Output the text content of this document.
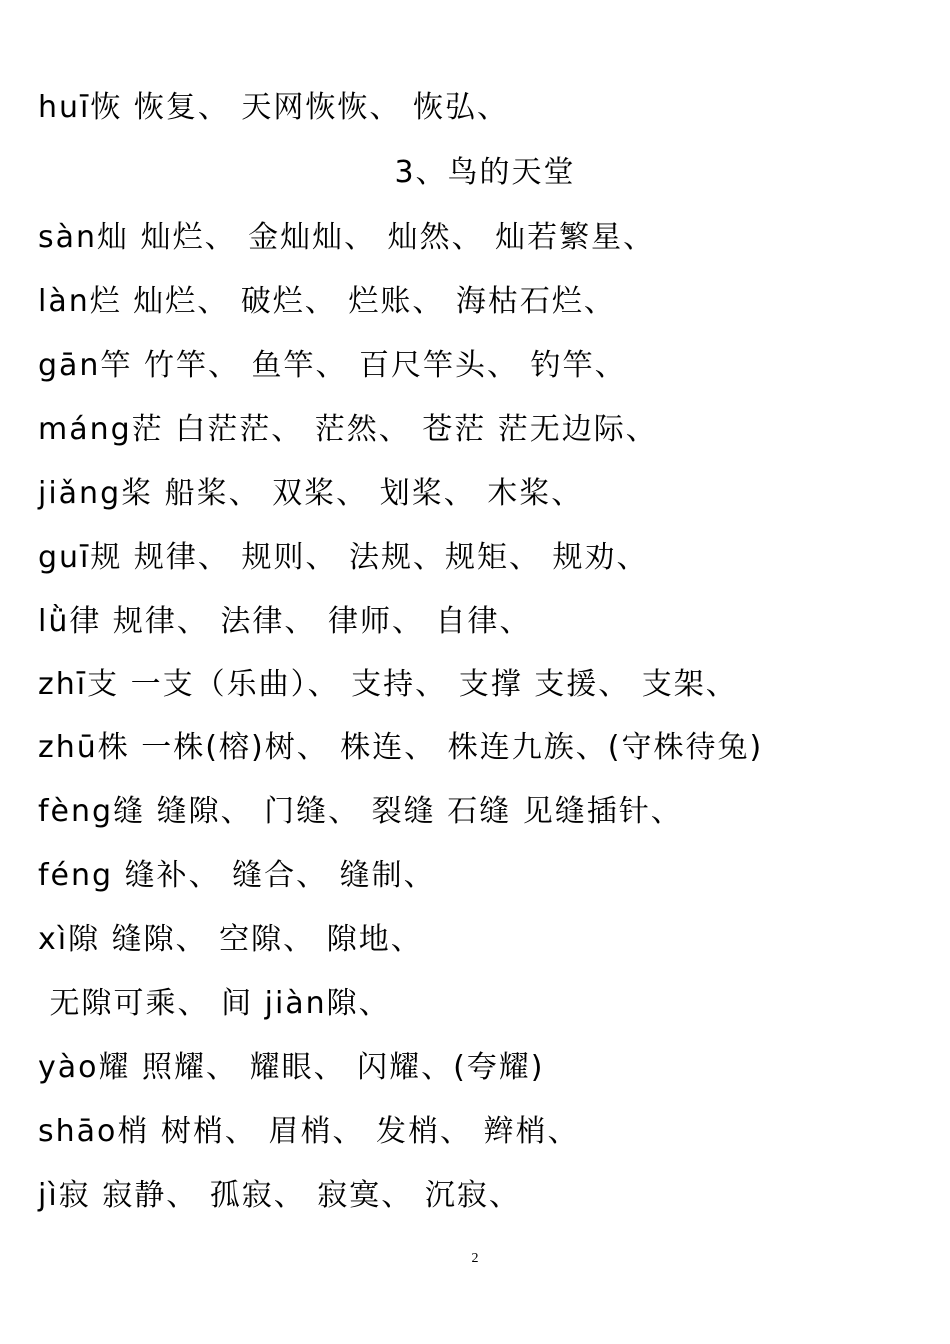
huī恢 恢复、 天网恢恢、 恢弘、
3、鸟的天堂
sàn灿 灿烂、 金灿灿、 灿然、 灿若繁星、
làn烂 灿烂、 破烂、 烂账、 海枯石烂、
gān竿 竹竿、 鱼竿、 百尺竿头、 钓竿、
máng茫 白茫茫、 茫然、 苍茫 茫无边际、
jiǎng桨 船桨、 双桨、 划桨、 木桨、
guī规 规律、 规则、 法规、规矩、 规劝、
lǜ律 规律、 法律、 律师、 自律、
zhī支 一支（乐曲）、 支持、 支撑 支援、 支架、
zhū株 一株(榕)树、 株连、 株连九族、(守株待兔)
fèng缝 缝隙、 门缝、 裂缝 石缝 见缝插针、
féng 缝补、 缝合、 缝制、
xì隙 缝隙、 空隙、 隙地、
无隙可乘、 间 jiàn隙、
yào耀 照耀、 耀眼、 闪耀、(夸耀)
shāo梢 树梢、 眉梢、 发梢、 辫梢、
jì寂 寂静、 孤寂、 寂寞、 沉寂、
2
